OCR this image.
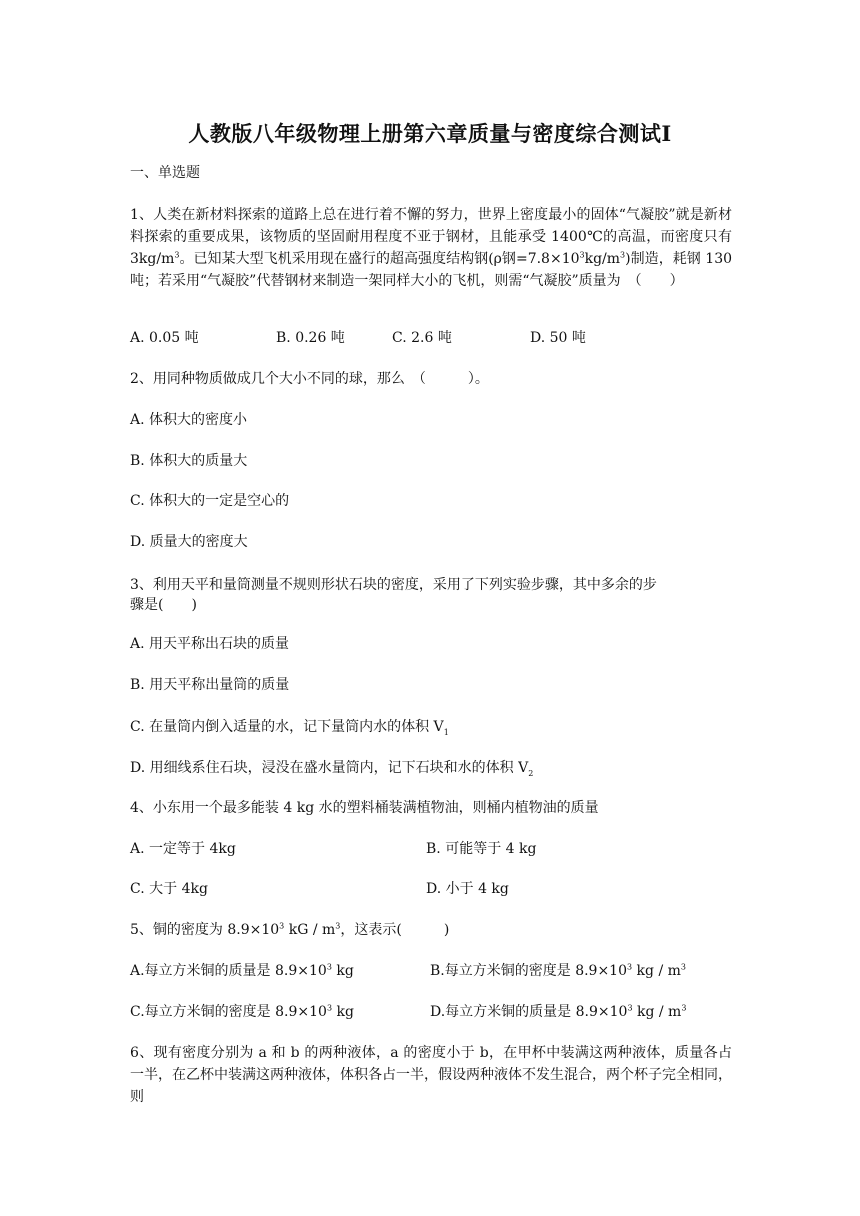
人教版八年级物理上册第六章质量与密度综合测试Ⅰ
一、单选题
1、人类在新材料探索的道路上总在进行着不懈的努力，世界上密度最小的固体“气凝胶”就是新材料探索的重要成果，该物质的坚固耐用程度不亚于钢材，且能承受 1400℃的高温，而密度只有 $3kg/m^3$。已知某大型飞机采用现在盛行的超高强度结构钢(ρ钢$=7.8\times 10^3kg/m^3$)制造，耗钢 130 吨；若采用“气凝胶”代替钢材来制造一架同样大小的飞机，则需“气凝胶”质量为　（　　）
A. 0.05 吨	B. 0.26 吨	C. 2.6 吨	D. 50 吨
2、用同种物质做成几个大小不同的球，那么　（　　　）。
A. 体积大的密度小
B. 体积大的质量大
C. 体积大的一定是空心的
D. 质量大的密度大
3、利用天平和量筒测量不规则形状石块的密度，采用了下列实验步骤，其中多余的步
骤是(　　)
A. 用天平称出石块的质量
B. 用天平称出量筒的质量
C. 在量筒内倒入适量的水，记下量筒内水的体积 $V_1$
D. 用细线系住石块，浸没在盛水量筒内，记下石块和水的体积 $V_2$
4、小东用一个最多能装 4 kg 水的塑料桶装满植物油，则桶内植物油的质量
A. 一定等于 4kg	B. 可能等于 4 kg
C. 大于 4kg	D. 小于 4 kg
5、铜的密度为 $8.9\times 10^3$ kG / $m^3$，这表示(　　　)
A.每立方米铜的质量是 $8.9\times 10^3$ kg	B.每立方米铜的密度是 $8.9\times 10^3$ kg / $m^3$
C.每立方米铜的密度是 $8.9\times 10^3$ kg	D.每立方米铜的质量是 $8.9\times 10^3$ kg / $m^3$
6、现有密度分别为 a 和 b 的两种液体，a 的密度小于 b，在甲杯中装满这两种液体，质量各占一半，在乙杯中装满这两种液体，体积各占一半，假设两种液体不发生混合，两个杯子完全相同，则
